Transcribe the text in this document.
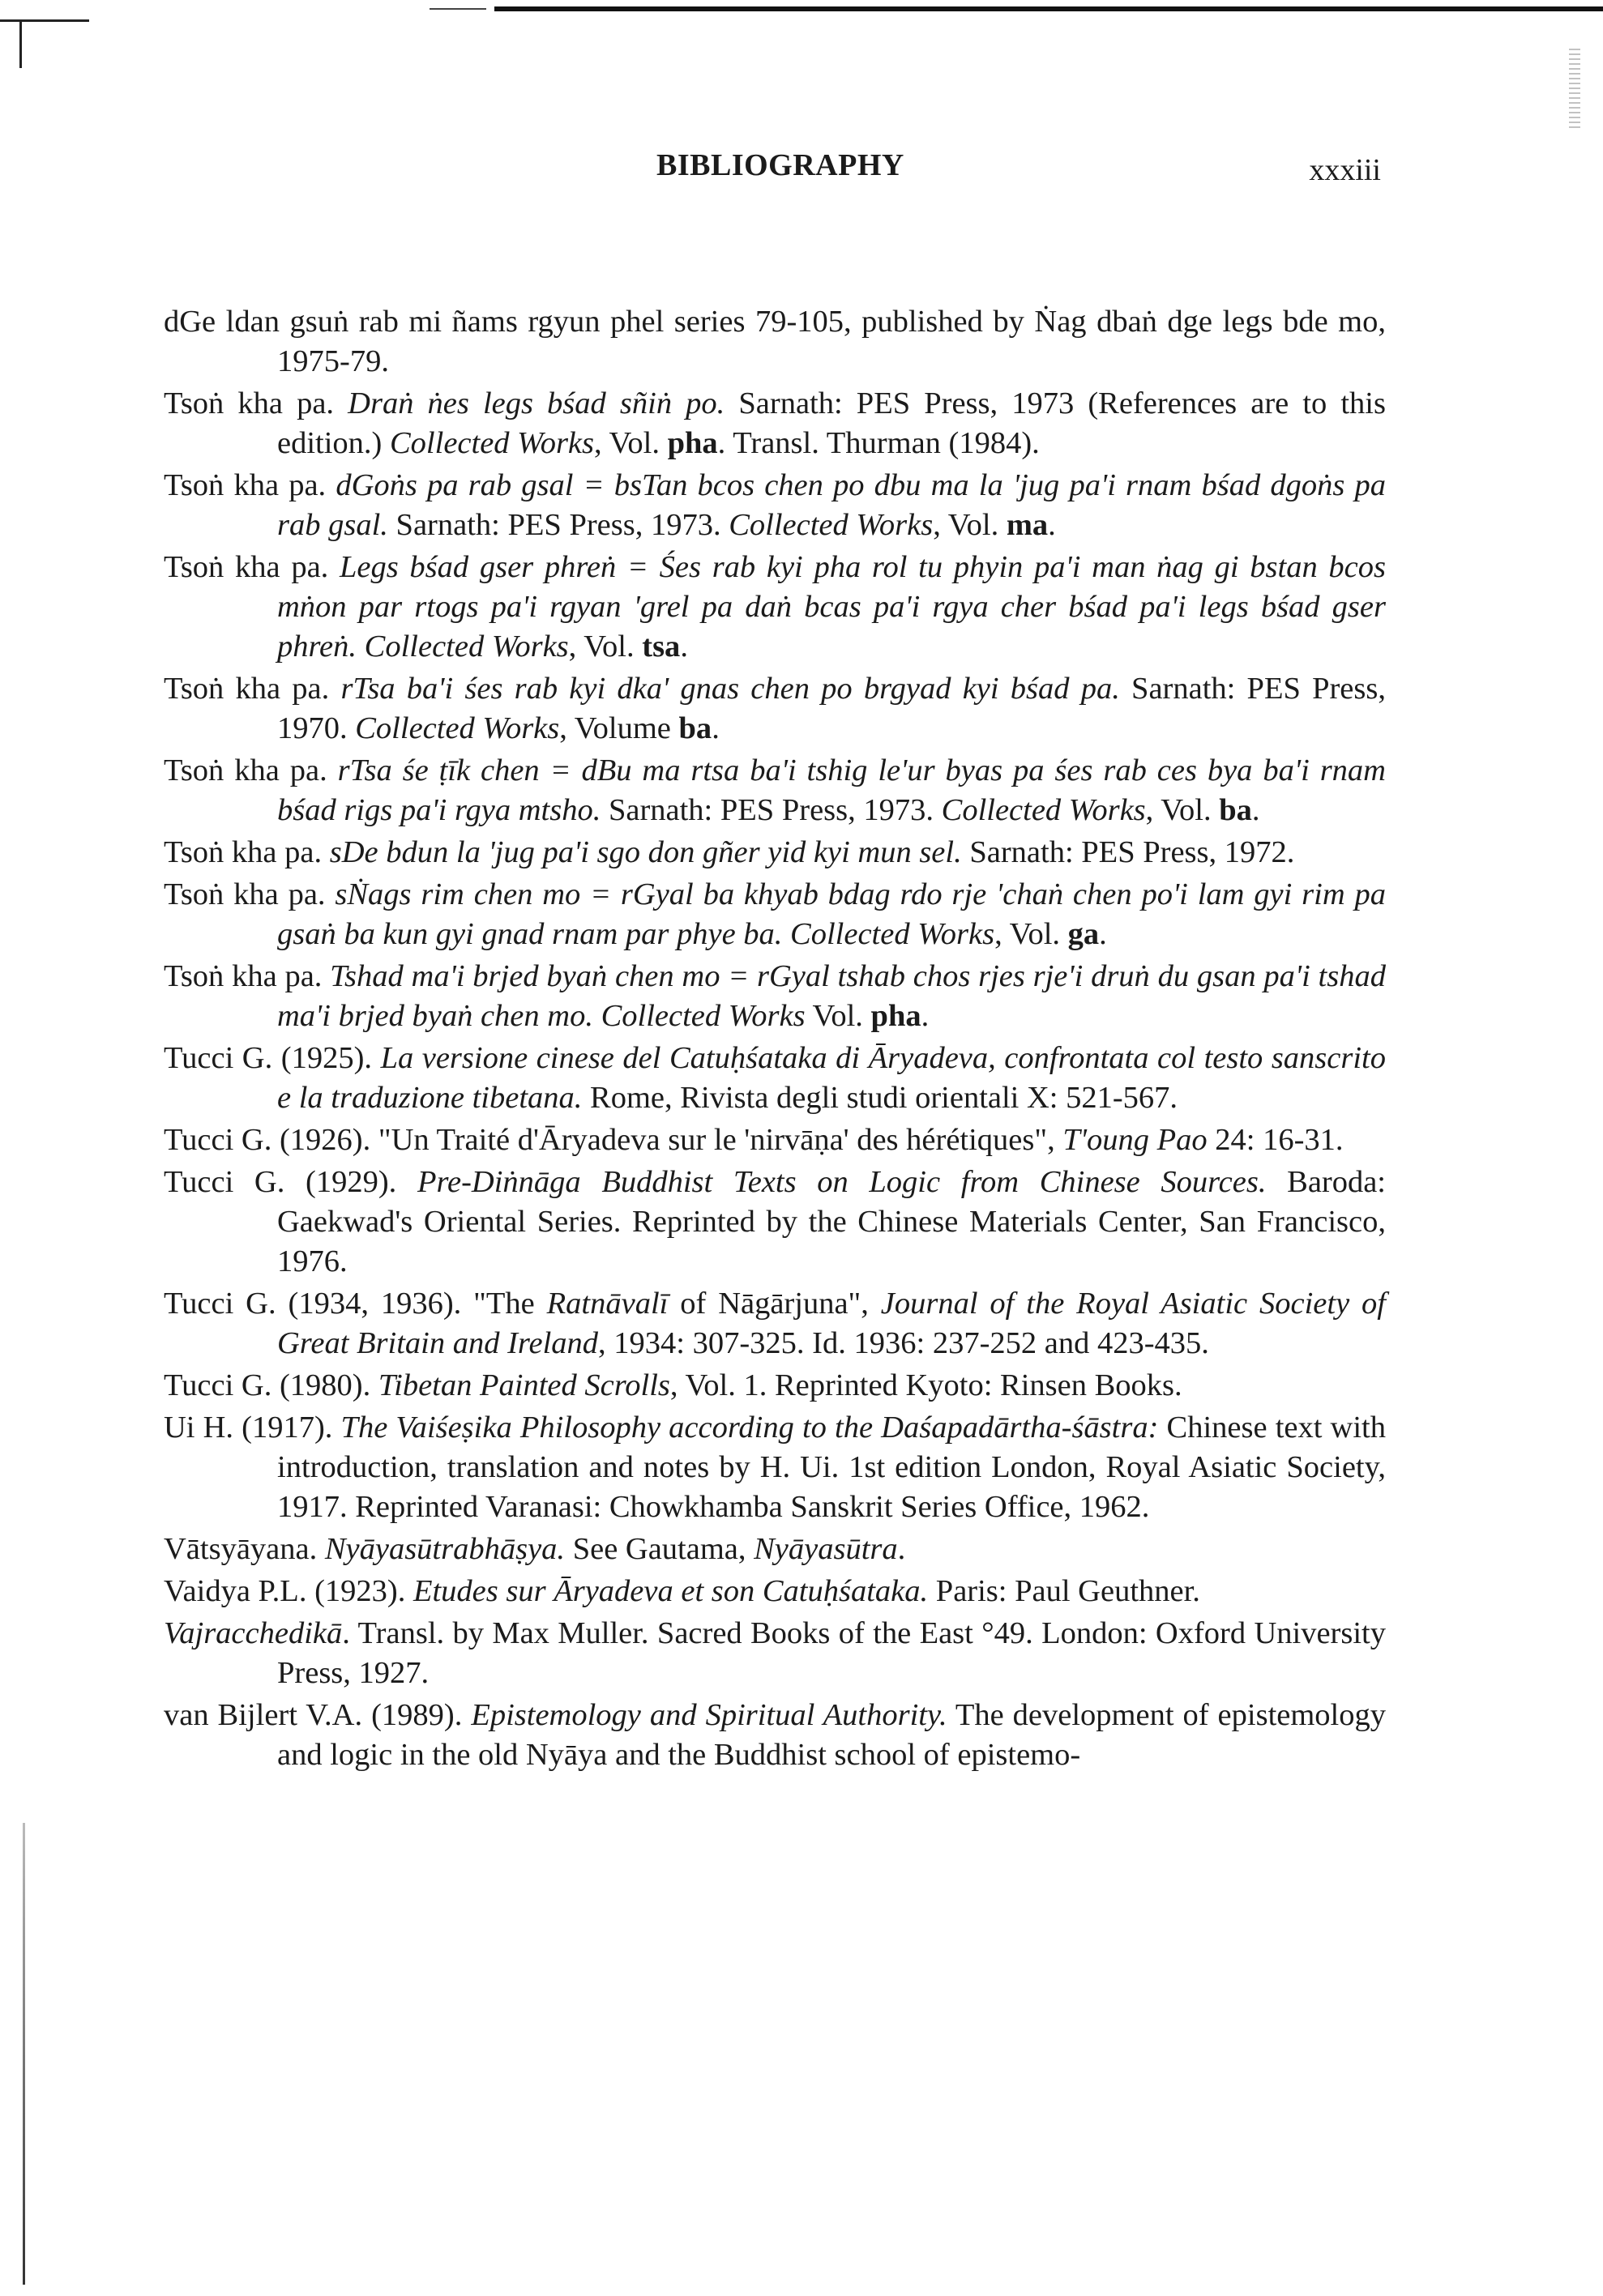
BIBLIOGRAPHY	xxxiii

dGe ldan gsuṅ rab mi ñams rgyun phel series 79-105, published by Ṅag dbaṅ dge legs bde mo, 1975-79.

Tsoṅ kha pa. Draṅ ṅes legs bśad sñiṅ po. Sarnath: PES Press, 1973 (References are to this edition.) Collected Works, Vol. pha. Transl. Thurman (1984).

Tsoṅ kha pa. dGoṅs pa rab gsal = bsTan bcos chen po dbu ma la 'jug pa'i rnam bśad dgoṅs pa rab gsal. Sarnath: PES Press, 1973. Collected Works, Vol. ma.

Tsoṅ kha pa. Legs bśad gser phreṅ = Śes rab kyi pha rol tu phyin pa'i man ṅag gi bstan bcos mṅon par rtogs pa'i rgyan 'grel pa daṅ bcas pa'i rgya cher bśad pa'i legs bśad gser phreṅ. Collected Works, Vol. tsa.

Tsoṅ kha pa. rTsa ba'i śes rab kyi dka' gnas chen po brgyad kyi bśad pa. Sarnath: PES Press, 1970. Collected Works, Volume ba.

Tsoṅ kha pa. rTsa śe ṭīk chen = dBu ma rtsa ba'i tshig le'ur byas pa śes rab ces bya ba'i rnam bśad rigs pa'i rgya mtsho. Sarnath: PES Press, 1973. Collected Works, Vol. ba.

Tsoṅ kha pa. sDe bdun la 'jug pa'i sgo don gñer yid kyi mun sel. Sarnath: PES Press, 1972.

Tsoṅ kha pa. sṄags rim chen mo = rGyal ba khyab bdag rdo rje 'chaṅ chen po'i lam gyi rim pa gsaṅ ba kun gyi gnad rnam par phye ba. Collected Works, Vol. ga.

Tsoṅ kha pa. Tshad ma'i brjed byaṅ chen mo = rGyal tshab chos rjes rje'i druṅ du gsan pa'i tshad ma'i brjed byaṅ chen mo. Collected Works Vol. pha.

Tucci G. (1925). La versione cinese del Catuḥśataka di Āryadeva, confrontata col testo sanscrito e la traduzione tibetana. Rome, Rivista degli studi orientali X: 521-567.

Tucci G. (1926). "Un Traité d'Āryadeva sur le 'nirvāṇa' des hérétiques", T'oung Pao 24: 16-31.

Tucci G. (1929). Pre-Diṅnāga Buddhist Texts on Logic from Chinese Sources. Baroda: Gaekwad's Oriental Series. Reprinted by the Chinese Materials Center, San Francisco, 1976.

Tucci G. (1934, 1936). "The Ratnāvalī of Nāgārjuna", Journal of the Royal Asiatic Society of Great Britain and Ireland, 1934: 307-325. Id. 1936: 237-252 and 423-435.

Tucci G. (1980). Tibetan Painted Scrolls, Vol. 1. Reprinted Kyoto: Rinsen Books.

Ui H. (1917). The Vaiśeṣika Philosophy according to the Daśapadārtha-śāstra: Chinese text with introduction, translation and notes by H. Ui. 1st edition London, Royal Asiatic Society, 1917. Reprinted Varanasi: Chowkhamba Sanskrit Series Office, 1962.

Vātsyāyana. Nyāyasūtrabhāṣya. See Gautama, Nyāyasūtra.

Vaidya P.L. (1923). Etudes sur Āryadeva et son Catuḥśataka. Paris: Paul Geuthner.

Vajracchedikā. Transl. by Max Muller. Sacred Books of the East °49. London: Oxford University Press, 1927.

van Bijlert V.A. (1989). Epistemology and Spiritual Authority. The development of epistemology and logic in the old Nyāya and the Buddhist school of epistemo-
